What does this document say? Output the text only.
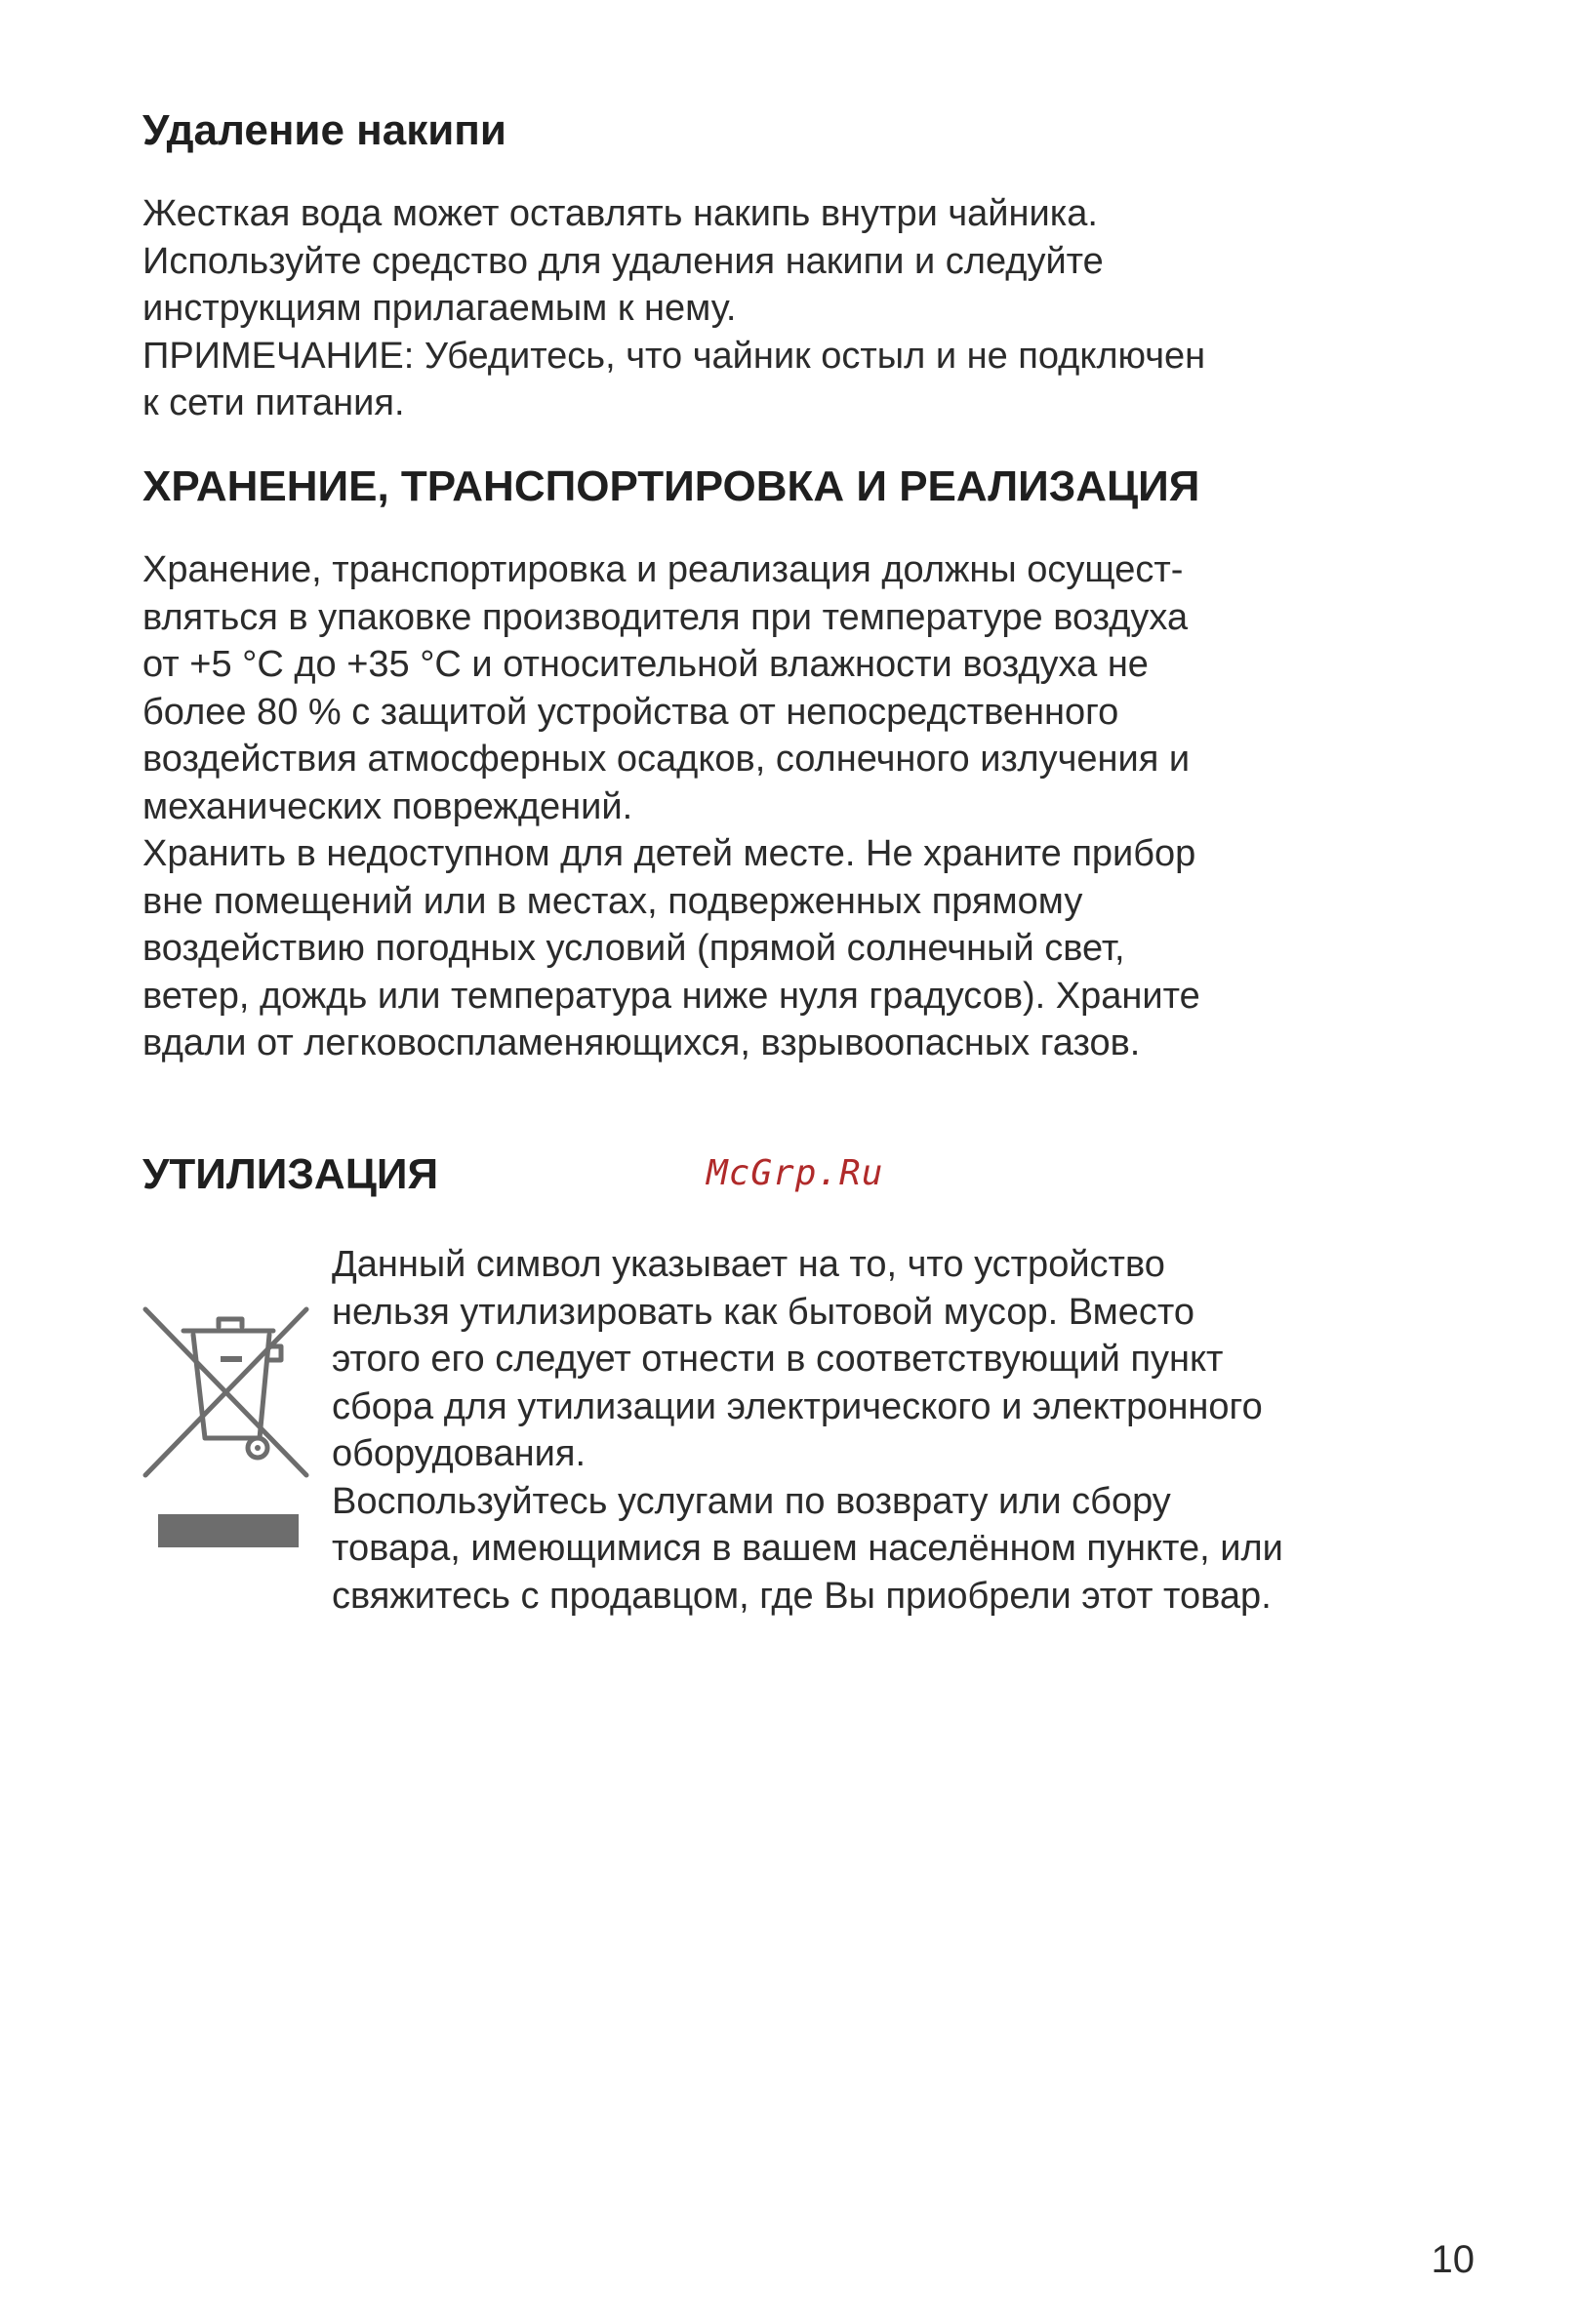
Удаление накипи
Жесткая вода может оставлять накипь внутри чайника.
Используйте средство для удаления накипи и следуйте
инструкциям прилагаемым к нему.
ПРИМЕЧАНИЕ: Убедитесь, что чайник остыл и не подключен
к сети питания.
ХРАНЕНИЕ, ТРАНСПОРТИРОВКА И РЕАЛИЗАЦИЯ
Хранение, транспортировка и реализация должны осущест-
вляться в упаковке производителя при температуре воздуха
от +5 °С до +35 °С и относительной влажности воздуха не
более 80 % с защитой устройства от непосредственного
воздействия атмосферных осадков, солнечного излучения и
механических повреждений.
Хранить в недоступном для детей месте. Не храните прибор
вне помещений или в местах, подверженных прямому
воздействию погодных условий (прямой солнечный свет,
ветер, дождь или температура ниже нуля градусов). Храните
вдали от легковоспламеняющихся, взрывоопасных газов.
УТИЛИЗАЦИЯ	McGrp.Ru
Данный символ указывает на то, что устройство
нельзя утилизировать как бытовой мусор. Вместо
этого его следует отнести в соответствующий пункт
сбора для утилизации электрического и электронного
оборудования.
Воспользуйтесь услугами по возврату или сбору
товара, имеющимися в вашем населённом пункте, или
свяжитесь с продавцом, где Вы приобрели этот товар.
10
